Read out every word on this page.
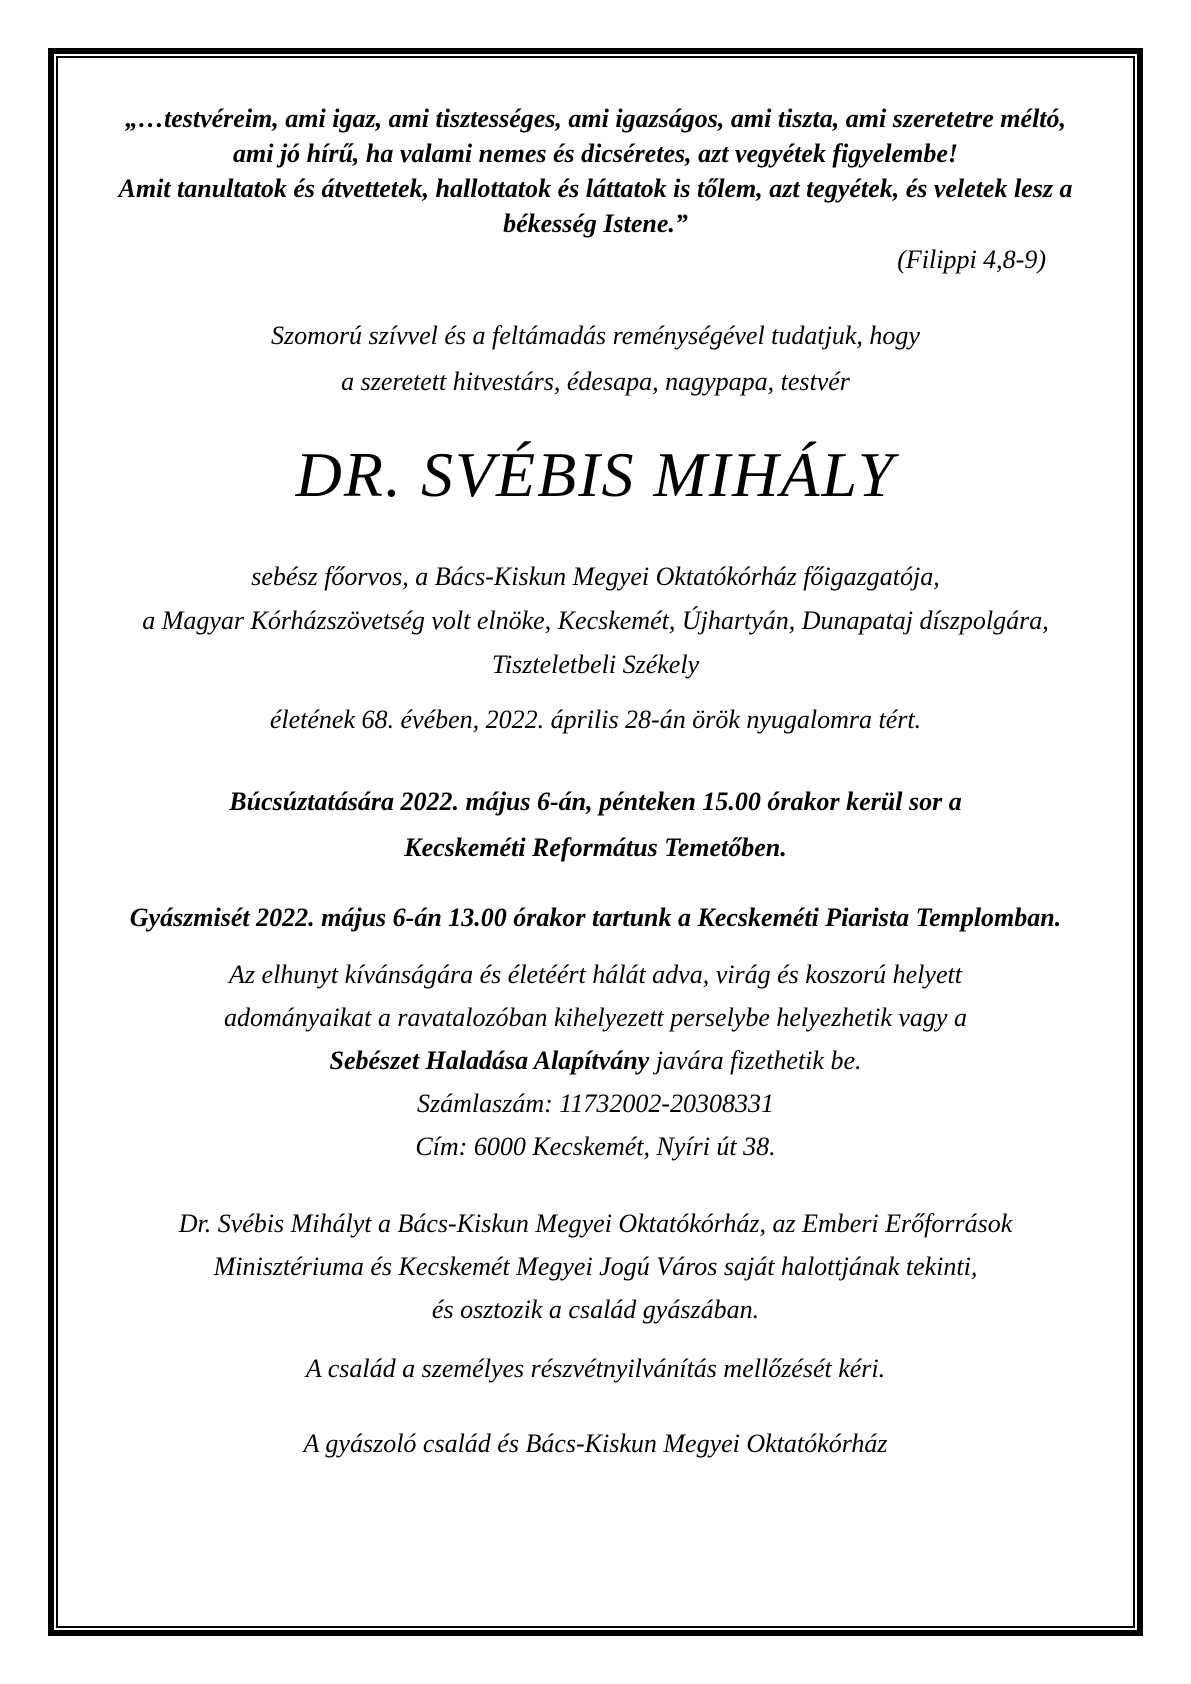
„…testvéreim, ami igaz, ami tisztességes, ami igazságos, ami tiszta, ami szeretetre méltó,
ami jó hírű, ha valami nemes és dicséretes, azt vegyétek figyelembe!
Amit tanultatok és átvettetek, hallottatok és láttatok is tőlem, azt tegyétek, és veletek lesz a
békesség Istene.”
(Filippi 4,8-9)
Szomorú szívvel és a feltámadás reménységével tudatjuk, hogy
a szeretett hitvestárs, édesapa, nagypapa, testvér
DR. SVÉBIS MIHÁLY
sebész főorvos, a Bács-Kiskun Megyei Oktatókórház főigazgatója,
a Magyar Kórházszövetség volt elnöke, Kecskemét, Újhartyán, Dunapataj díszpolgára,
Tiszteletbeli Székely
életének 68. évében, 2022. április 28-án örök nyugalomra tért.
Búcsúztatására 2022. május 6-án, pénteken 15.00 órakor kerül sor a
Kecskeméti Református Temetőben.
Gyászmisét 2022. május 6-án 13.00 órakor tartunk a Kecskeméti Piarista Templomban.
Az elhunyt kívánságára és életéért hálát adva, virág és koszorú helyett
adományaikat a ravatalozóban kihelyezett perselybe helyezhetik vagy a
Sebészet Haladása Alapítvány javára fizethetik be.
Számlaszám: 11732002-20308331
Cím: 6000 Kecskemét, Nyíri út 38.
Dr. Svébis Mihályt a Bács-Kiskun Megyei Oktatókórház, az Emberi Erőforrások
Minisztériuma és Kecskemét Megyei Jogú Város saját halottjának tekinti,
és osztozik a család gyászában.
A család a személyes részvétnyilvánítás mellőzését kéri.
A gyászoló család és Bács-Kiskun Megyei Oktatókórház
